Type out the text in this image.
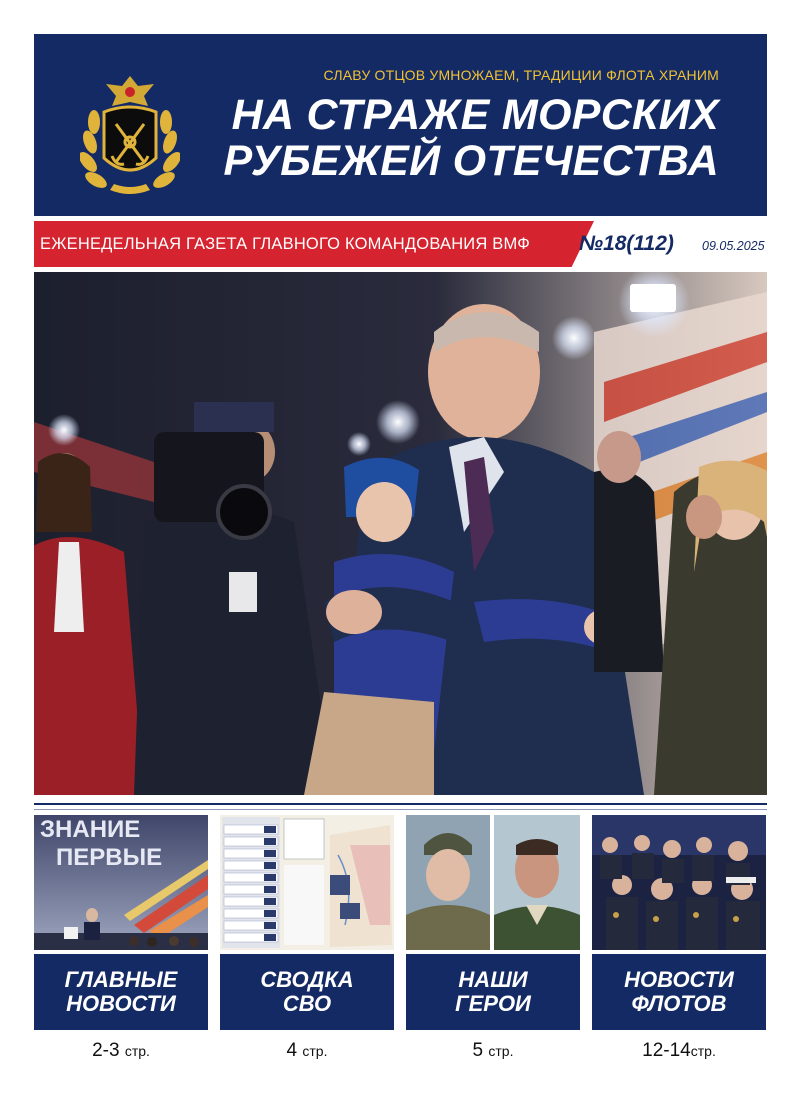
СЛАВУ ОТЦОВ УМНОЖАЕМ, ТРАДИЦИИ ФЛОТА ХРАНИМ
НА СТРАЖЕ МОРСКИХ
РУБЕЖЕЙ ОТЕЧЕСТВА
ЕЖЕНЕДЕЛЬНАЯ ГАЗЕТА ГЛАВНОГО КОМАНДОВАНИЯ ВМФ №18(112) 09.05.2025
ЗНАНИЕ
ПЕРВЫЕ
ГЛАВНЫЕ
НОВОСТИ
СВОДКА
СВО
НАШИ
ГЕРОИ
НОВОСТИ
ФЛОТОВ
2-3 стр.	4 стр.	5 стр.	12-14стр.
